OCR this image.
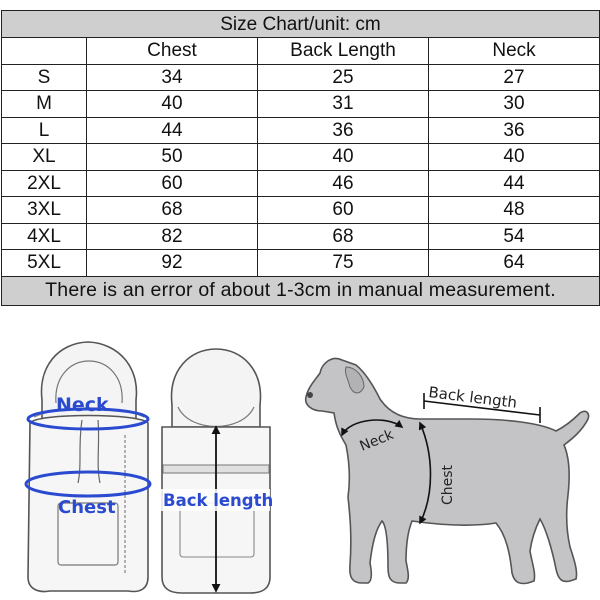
Size Chart/unit: cm			
	Chest	Back Length	Neck
S	34	25	27
M	40	31	30
L	44	36	36
XL	50	40	40
2XL	60	46	44
3XL	68	60	48
4XL	82	68	54
5XL	92	75	64
There is an error of about 1-3cm in manual measurement.			
Neck
Chest	Back length
Back length
Neck
Chest
